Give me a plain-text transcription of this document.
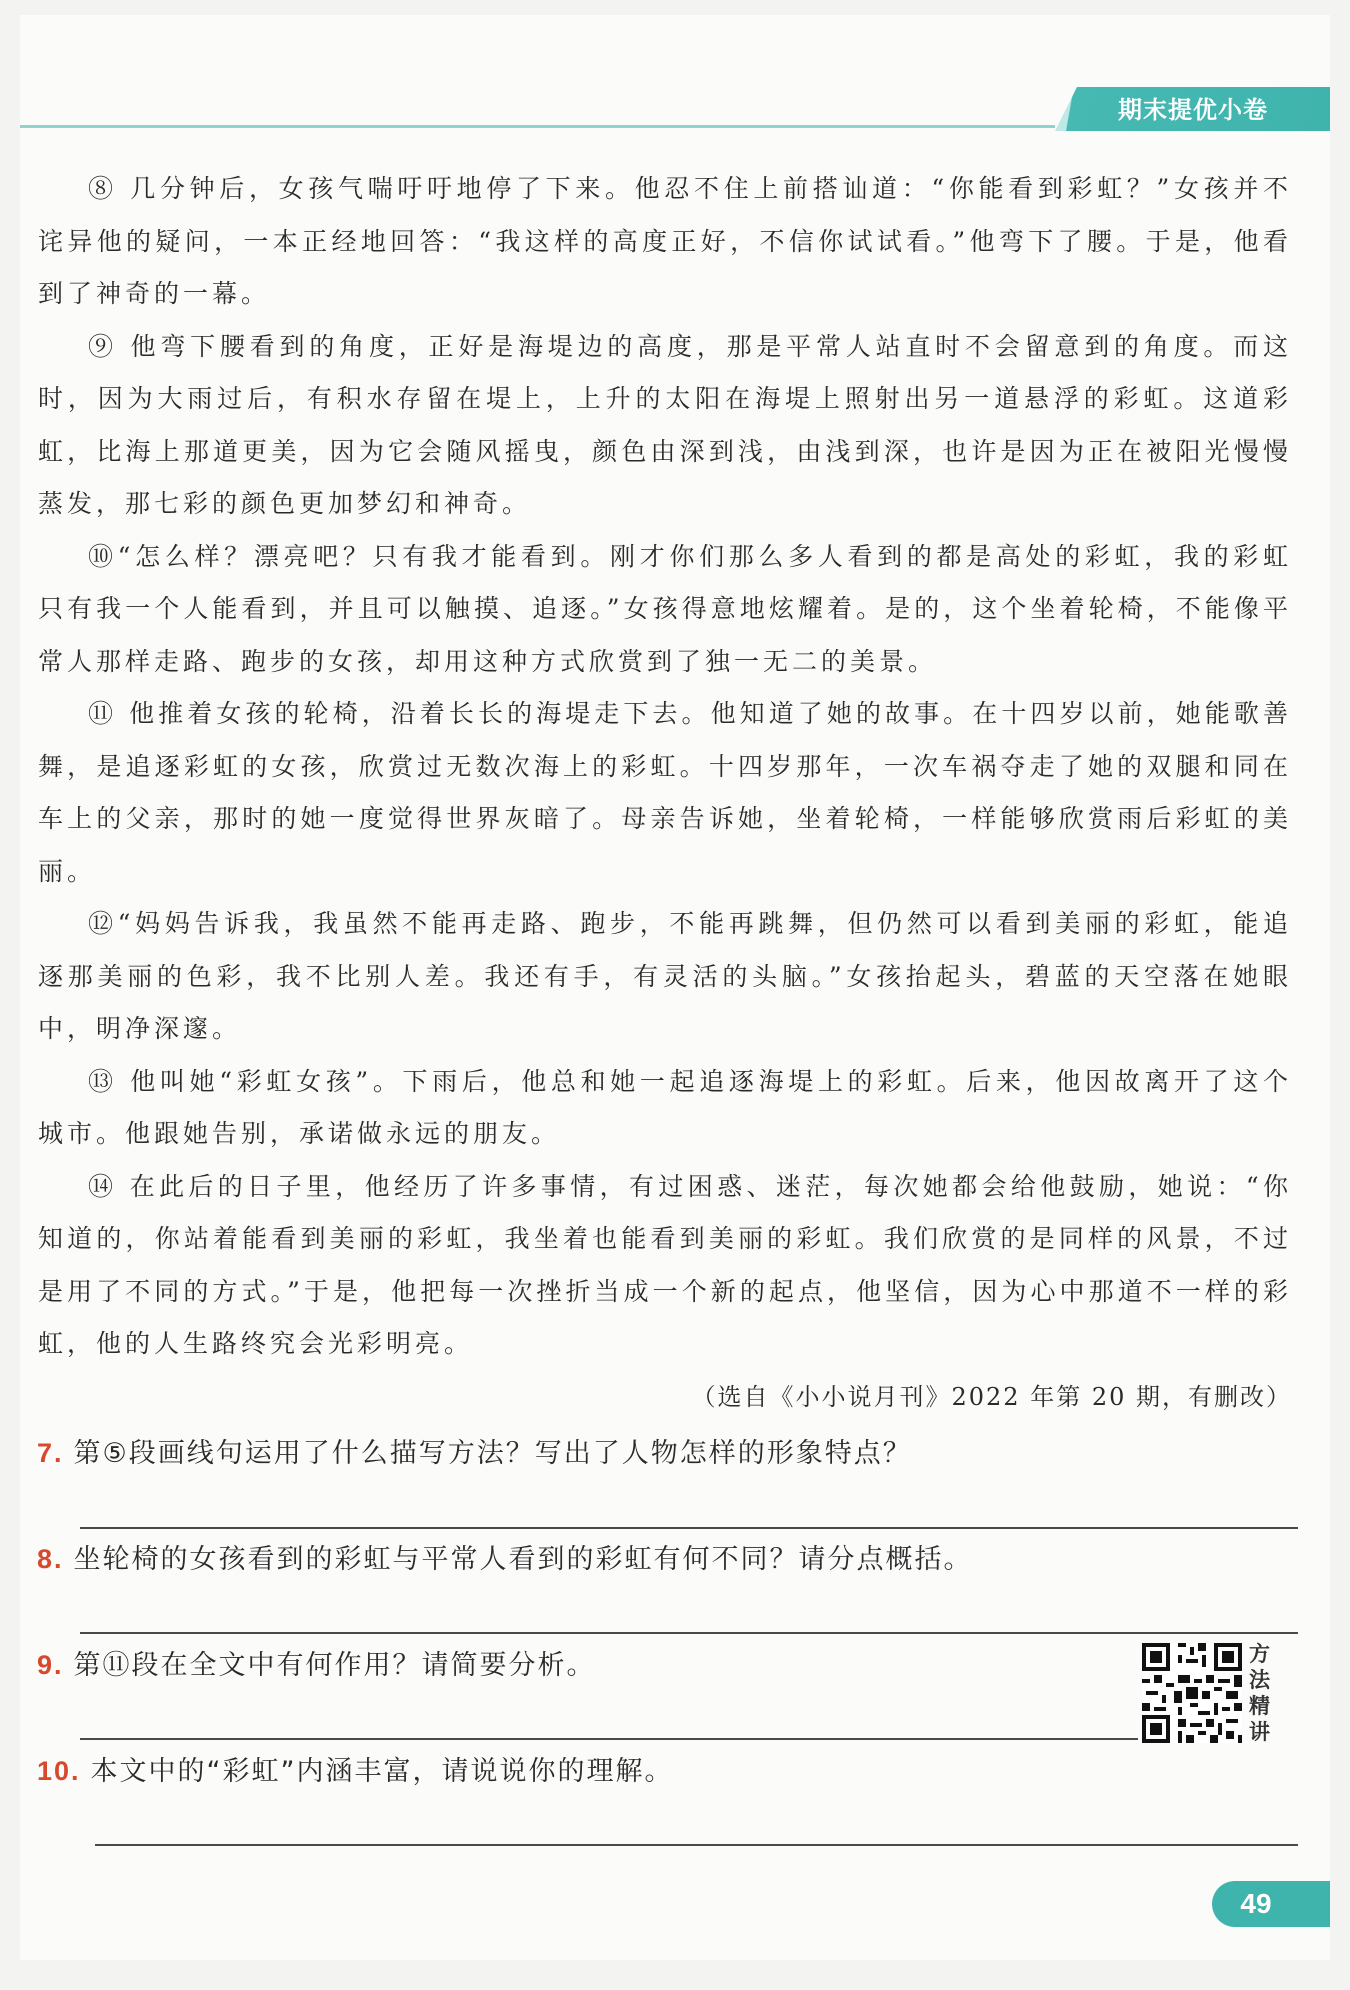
期末提优小卷

⑧ 几分钟后，女孩气喘吁吁地停了下来。他忍不住上前搭讪道：“你能看到彩虹？”女孩并不诧异他的疑问，一本正经地回答：“我这样的高度正好，不信你试试看。”他弯下了腰。于是，他看到了神奇的一幕。

⑨ 他弯下腰看到的角度，正好是海堤边的高度，那是平常人站直时不会留意到的角度。而这时，因为大雨过后，有积水存留在堤上，上升的太阳在海堤上照射出另一道悬浮的彩虹。这道彩虹，比海上那道更美，因为它会随风摇曳，颜色由深到浅，由浅到深，也许是因为正在被阳光慢慢蒸发，那七彩的颜色更加梦幻和神奇。

⑩“怎么样？漂亮吧？只有我才能看到。刚才你们那么多人看到的都是高处的彩虹，我的彩虹只有我一个人能看到，并且可以触摸、追逐。”女孩得意地炫耀着。是的，这个坐着轮椅，不能像平常人那样走路、跑步的女孩，却用这种方式欣赏到了独一无二的美景。

⑪ 他推着女孩的轮椅，沿着长长的海堤走下去。他知道了她的故事。在十四岁以前，她能歌善舞，是追逐彩虹的女孩，欣赏过无数次海上的彩虹。十四岁那年，一次车祸夺走了她的双腿和同在车上的父亲，那时的她一度觉得世界灰暗了。母亲告诉她，坐着轮椅，一样能够欣赏雨后彩虹的美丽。

⑫“妈妈告诉我，我虽然不能再走路、跑步，不能再跳舞，但仍然可以看到美丽的彩虹，能追逐那美丽的色彩，我不比别人差。我还有手，有灵活的头脑。”女孩抬起头，碧蓝的天空落在她眼中，明净深邃。

⑬ 他叫她“彩虹女孩”。下雨后，他总和她一起追逐海堤上的彩虹。后来，他因故离开了这个城市。他跟她告别，承诺做永远的朋友。

⑭ 在此后的日子里，他经历了许多事情，有过困惑、迷茫，每次她都会给他鼓励，她说：“你知道的，你站着能看到美丽的彩虹，我坐着也能看到美丽的彩虹。我们欣赏的是同样的风景，不过是用了不同的方式。”于是，他把每一次挫折当成一个新的起点，他坚信，因为心中那道不一样的彩虹，他的人生路终究会光彩明亮。

（选自《小小说月刊》2022 年第 20 期，有删改）

7. 第⑤段画线句运用了什么描写方法？写出了人物怎样的形象特点？
8. 坐轮椅的女孩看到的彩虹与平常人看到的彩虹有何不同？请分点概括。
9. 第⑪段在全文中有何作用？请简要分析。	方法精讲
10. 本文中的“彩虹”内涵丰富，请说说你的理解。
49
